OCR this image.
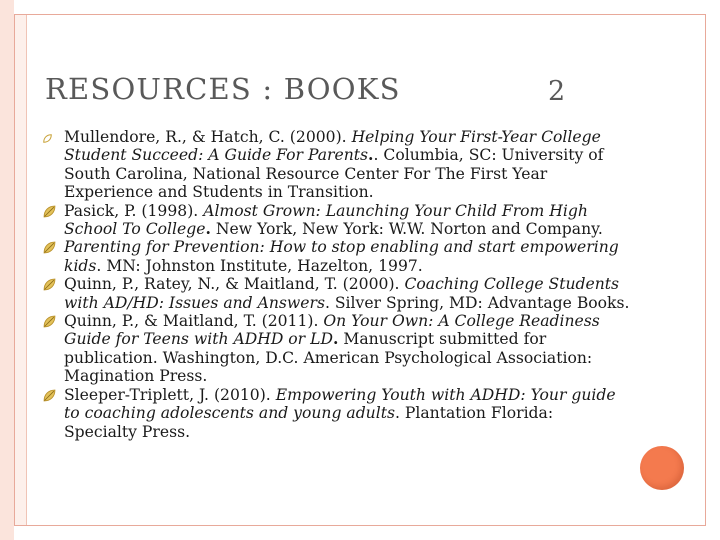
RESOURCES : BOOKS	2
Mullendore, R., & Hatch, C. (2000). Helping Your First-Year College Student Succeed: A Guide For Parents.. Columbia, SC: University of South Carolina, National Resource Center For The First Year Experience and Students in Transition.
Pasick, P. (1998). Almost Grown: Launching Your Child From High School To College. New York, New York: W.W. Norton and Company.
Parenting for Prevention: How to stop enabling and start empowering kids. MN: Johnston Institute, Hazelton, 1997.
Quinn, P., Ratey, N., & Maitland, T. (2000). Coaching College Students with AD/HD: Issues and Answers. Silver Spring, MD: Advantage Books.
Quinn, P., & Maitland, T. (2011). On Your Own: A College Readiness Guide for Teens with ADHD or LD. Manuscript submitted for publication. Washington, D.C. American Psychological Association: Magination Press.
Sleeper-Triplett, J. (2010). Empowering Youth with ADHD: Your guide to coaching adolescents and young adults. Plantation Florida: Specialty Press.
